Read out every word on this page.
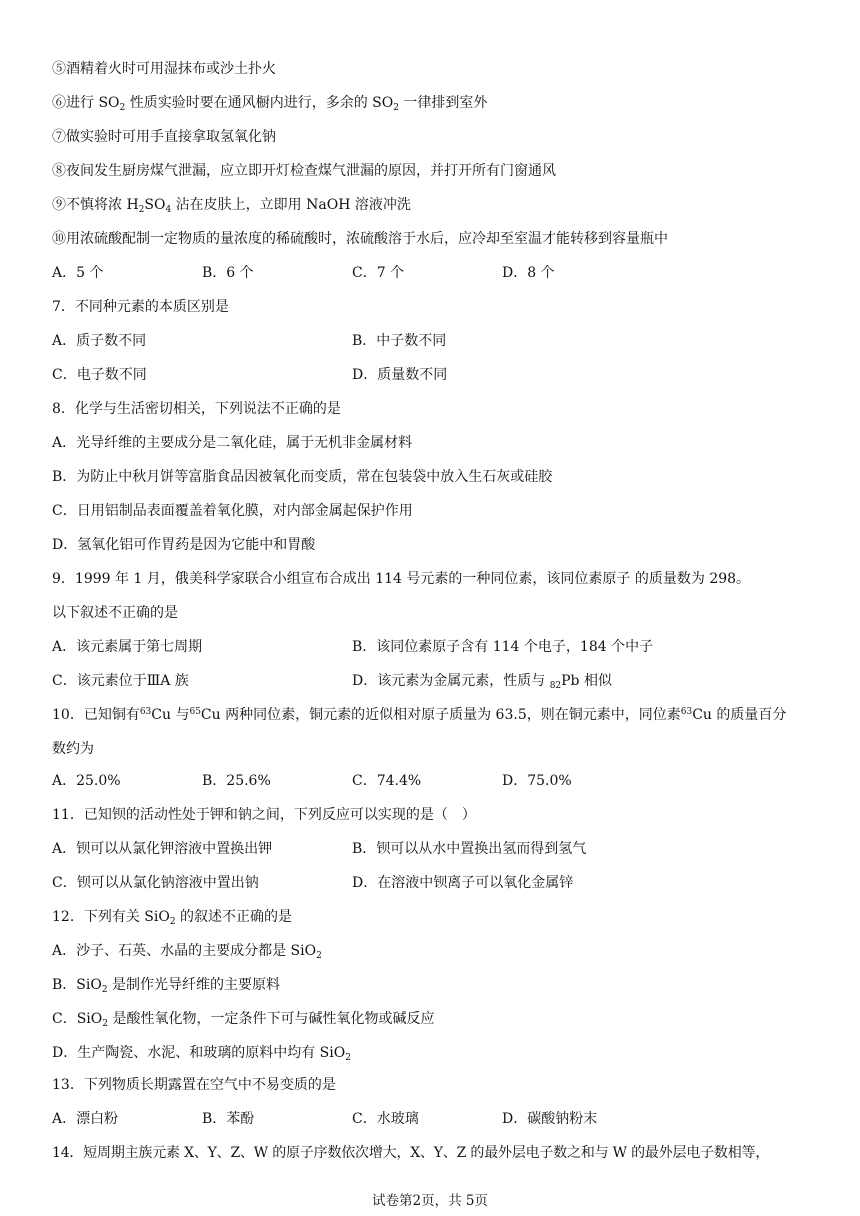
⑤酒精着火时可用湿抹布或沙土扑火
⑥进行 $SO_2$ 性质实验时要在通风橱内进行，多余的 $SO_2$ 一律排到室外
⑦做实验时可用手直接拿取氢氧化钠
⑧夜间发生厨房煤气泄漏，应立即开灯检查煤气泄漏的原因，并打开所有门窗通风
⑨不慎将浓 $H_2SO_4$ 沾在皮肤上，立即用 NaOH 溶液冲洗
⑩用浓硫酸配制一定物质的量浓度的稀硫酸时，浓硫酸溶于水后，应冷却至室温才能转移到容量瓶中
A．5 个	B．6 个	C．7 个	D．8 个
7．不同种元素的本质区别是
A．质子数不同	B．中子数不同
C．电子数不同	D．质量数不同
8．化学与生活密切相关，下列说法不正确的是
A．光导纤维的主要成分是二氧化硅，属于无机非金属材料
B．为防止中秋月饼等富脂食品因被氧化而变质，常在包装袋中放入生石灰或硅胶
C．日用铝制品表面覆盖着氧化膜，对内部金属起保护作用
D．氢氧化铝可作胃药是因为它能中和胃酸
9．1999 年 1 月，俄美科学家联合小组宣布合成出 114 号元素的一种同位素，该同位素原子 的质量数为 298。
以下叙述不正确的是
A．该元素属于第七周期	B．该同位素原子含有 114 个电子，184 个中子
C．该元素位于ⅢA 族	D．该元素为金属元素，性质与 $_{82}$Pb 相似
10．已知铜有$^{63}$Cu 与$^{65}$Cu 两种同位素，铜元素的近似相对原子质量为 63.5，则在铜元素中，同位素$^{63}$Cu 的质量百分
数约为
A．25.0%	B．25.6%	C．74.4%	D．75.0%
11．已知钡的活动性处于钾和钠之间，下列反应可以实现的是（　）
A．钡可以从氯化钾溶液中置换出钾	B．钡可以从水中置换出氢而得到氢气
C．钡可以从氯化钠溶液中置出钠	D．在溶液中钡离子可以氧化金属锌
12．下列有关 SiO$_2$ 的叙述不正确的是
A．沙子、石英、水晶的主要成分都是 SiO$_2$
B．SiO$_2$ 是制作光导纤维的主要原料
C．SiO$_2$ 是酸性氧化物，一定条件下可与碱性氧化物或碱反应
D．生产陶瓷、水泥、和玻璃的原料中均有 SiO$_2$
13．下列物质长期露置在空气中不易变质的是
A．漂白粉	B．苯酚	C．水玻璃	D．碳酸钠粉末
14．短周期主族元素 X、Y、Z、W 的原子序数依次增大，X、Y、Z 的最外层电子数之和与 W 的最外层电子数相等，
试卷第2页，共 5页
